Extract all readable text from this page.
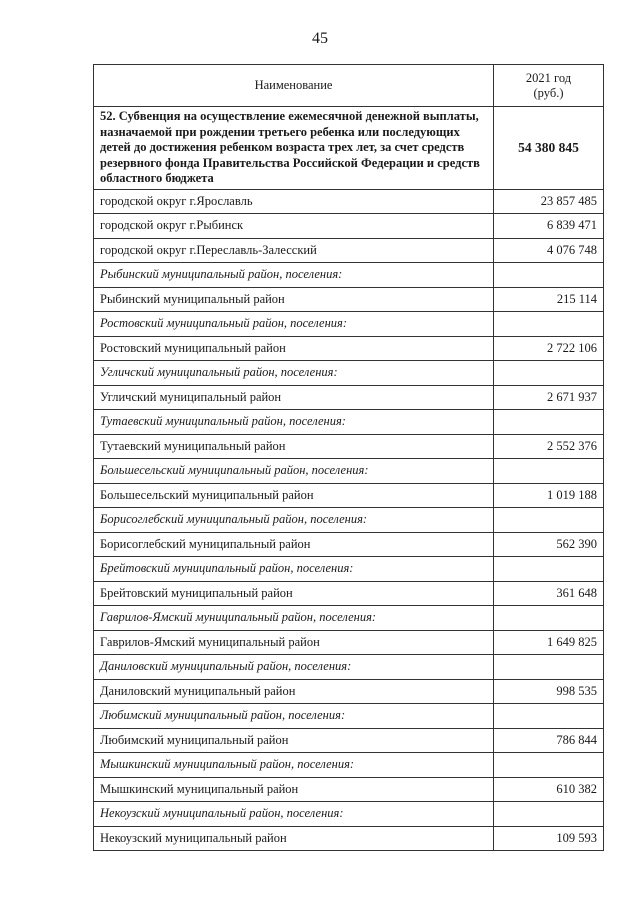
45
Наименование	2021 год
(руб.)
52. Субвенция на осуществление ежемесячной денежной выплаты, назначаемой при рождении третьего ребенка или последующих детей до достижения ребенком возраста трех лет, за счет средств резервного фонда Правительства Российской Федерации и средств областного бюджета	54 380 845
городской округ г.Ярославль	23 857 485
городской округ г.Рыбинск	6 839 471
городской округ г.Переславль-Залесский	4 076 748
Рыбинский муниципальный район, поселения:	
Рыбинский муниципальный район	215 114
Ростовский муниципальный район, поселения:	
Ростовский муниципальный район	2 722 106
Угличский муниципальный район, поселения:	
Угличский муниципальный район	2 671 937
Тутаевский муниципальный район, поселения:	
Тутаевский муниципальный район	2 552 376
Большесельский муниципальный район, поселения:	
Большесельский муниципальный район	1 019 188
Борисоглебский муниципальный район, поселения:	
Борисоглебский муниципальный район	562 390
Брейтовский муниципальный район, поселения:	
Брейтовский муниципальный район	361 648
Гаврилов-Ямский муниципальный район, поселения:	
Гаврилов-Ямский муниципальный район	1 649 825
Даниловский муниципальный район, поселения:	
Даниловский муниципальный район	998 535
Любимский муниципальный район, поселения:	
Любимский муниципальный район	786 844
Мышкинский муниципальный район, поселения:	
Мышкинский муниципальный район	610 382
Некоузский муниципальный район, поселения:	
Некоузский муниципальный район	109 593
